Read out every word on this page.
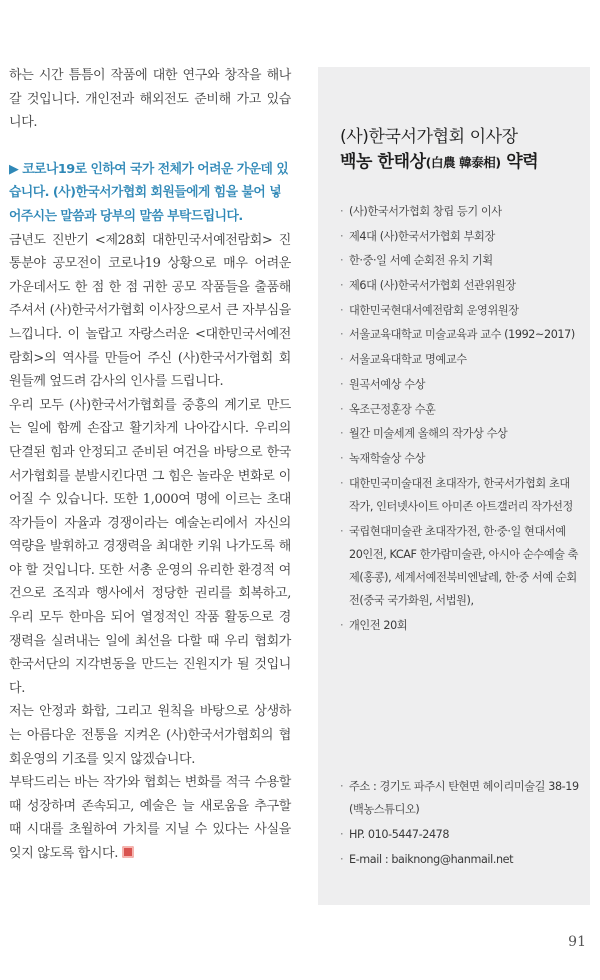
하는 시간 틈틈이 작품에 대한 연구와 창작을 해나갈 것입니다. 개인전과 해외전도 준비해 가고 있습니다.

▶ 코로나19로 인하여 국가 전체가 어려운 가운데 있습니다. (사)한국서가협회 회원들에게 힘을 불어 넣어주시는 말씀과 당부의 말씀 부탁드립니다.

금년도 진반기 <제28회 대한민국서예전람회> 진통분야 공모전이 코로나19 상황으로 매우 어려운 가운데서도 한 점 한 점 귀한 공모 작품들을 출품해 주셔서 (사)한국서가협회 이사장으로서 큰 자부심을 느낍니다. 이 놀랍고 자랑스러운 <대한민국서예전람회>의 역사를 만들어 주신 (사)한국서가협회 회원들께 엎드려 감사의 인사를 드립니다.

우리 모두 (사)한국서가협회를 중흥의 계기로 만드는 일에 함께 손잡고 활기차게 나아갑시다. 우리의 단결된 힘과 안정되고 준비된 여건을 바탕으로 한국서가협회를 분발시킨다면 그 힘은 놀라운 변화로 이어질 수 있습니다. 또한 1,000여 명에 이르는 초대작가들이 자율과 경쟁이라는 예술논리에서 자신의 역량을 발휘하고 경쟁력을 최대한 키워 나가도록 해야 할 것입니다. 또한 서총 운영의 유리한 환경적 여건으로 조직과 행사에서 정당한 권리를 회복하고, 우리 모두 한마음 되어 열정적인 작품 활동으로 경쟁력을 실려내는 일에 최선을 다할 때 우리 협회가 한국서단의 지각변동을 만드는 진원지가 될 것입니다.

저는 안정과 화합, 그리고 원칙을 바탕으로 상생하는 아름다운 전통을 지켜온 (사)한국서가협회의 협회운영의 기조를 잊지 않겠습니다.

부탁드리는 바는 작가와 협회는 변화를 적극 수용할 때 성장하며 존속되고, 예술은 늘 새로움을 추구할 때 시대를 초월하여 가치를 지닐 수 있다는 사실을 잊지 않도록 합시다.

(사)한국서가협회 이사장
백농 한태상(白農 韓泰相) 약력
· (사)한국서가협회 창립 등기 이사
· 제4대 (사)한국서가협회 부회장
· 한·중·일 서예 순회전 유치 기획
· 제6대 (사)한국서가협회 선관위원장
· 대한민국현대서예전람회 운영위원장
· 서울교육대학교 미술교육과 교수 (1992~2017)
· 서울교육대학교 명예교수
· 원곡서예상 수상
· 옥조근정훈장 수훈
· 월간 미술세계 올해의 작가상 수상
· 녹재학술상 수상
· 대한민국미술대전 초대작가, 한국서가협회 초대작가, 인터넷사이트 아미존 아트갤러리 작가선정
· 국립현대미술관 초대작가전, 한·중·일 현대서예 20인전, KCAF 한가람미술관, 아시아 순수예술 축제(홍콩), 세계서예전북비엔날레, 한·중 서예 순회전(중국 국가화원, 서법원),
· 개인전 20회
· 주소 : 경기도 파주시 탄현면 헤이리미술길 38-19 (백농스튜디오)
· HP. 010-5447-2478
· E-mail : baiknong@hanmail.net
91
